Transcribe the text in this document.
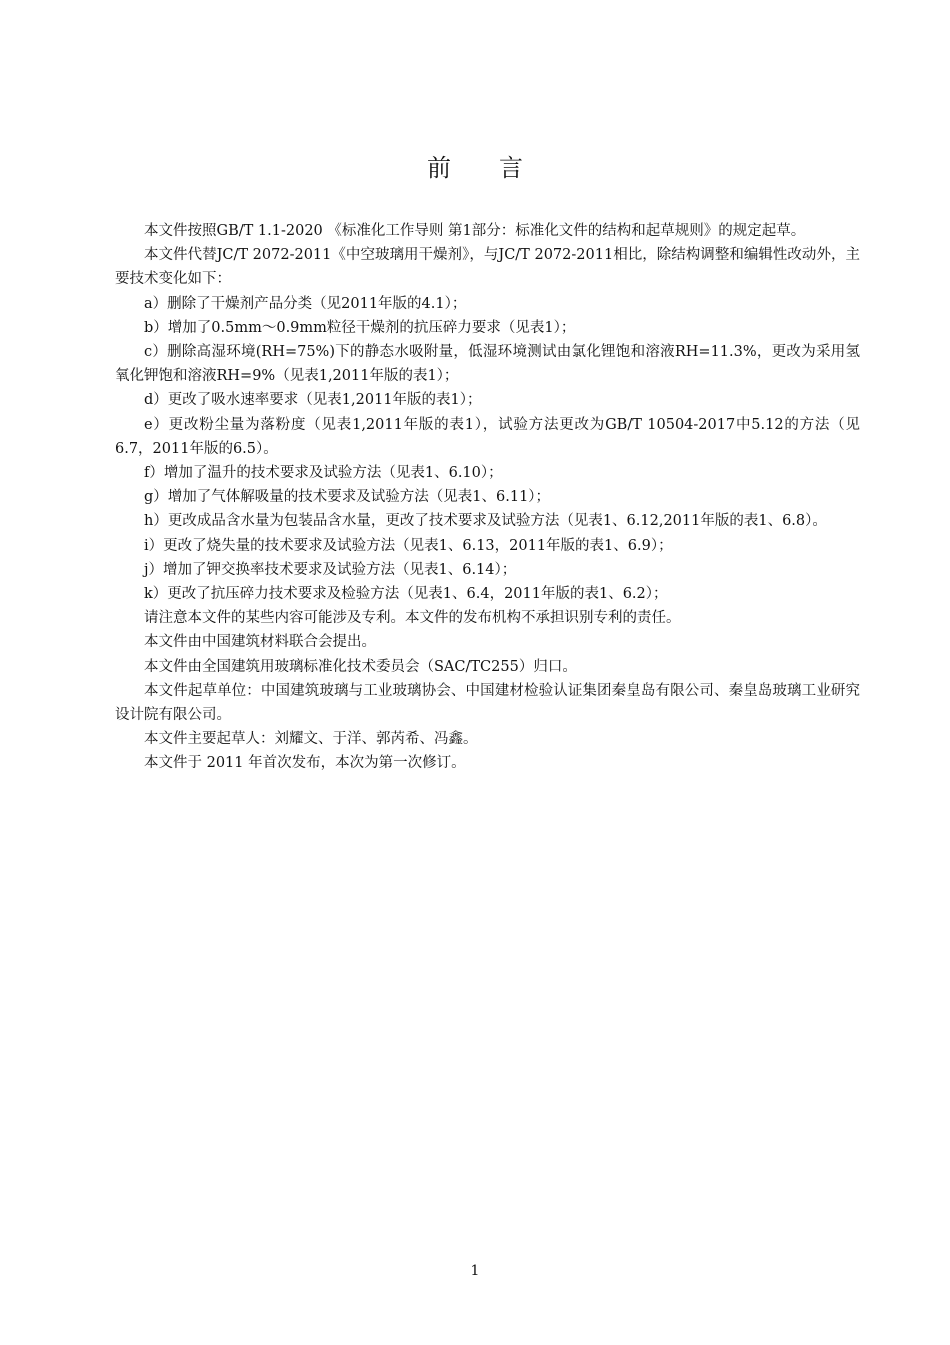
前言

本文件按照GB/T 1.1-2020 《标准化工作导则 第1部分：标准化文件的结构和起草规则》的规定起草。

本文件代替JC/T 2072-2011《中空玻璃用干燥剂》，与JC/T 2072-2011相比，除结构调整和编辑性改动外，主要技术变化如下：

a）删除了干燥剂产品分类（见2011年版的4.1）；

b）增加了0.5mm～0.9mm粒径干燥剂的抗压碎力要求（见表1）；

c）删除高湿环境(RH=75%)下的静态水吸附量，低湿环境测试由氯化锂饱和溶液RH=11.3%，更改为采用氢氧化钾饱和溶液RH=9%（见表1,2011年版的表1）；

d）更改了吸水速率要求（见表1,2011年版的表1）；

e）更改粉尘量为落粉度（见表1,2011年版的表1），试验方法更改为GB/T 10504-2017中5.12的方法（见6.7，2011年版的6.5）。

f）增加了温升的技术要求及试验方法（见表1、6.10）；

g）增加了气体解吸量的技术要求及试验方法（见表1、6.11）；

h）更改成品含水量为包装品含水量，更改了技术要求及试验方法（见表1、6.12,2011年版的表1、6.8）。

i）更改了烧失量的技术要求及试验方法（见表1、6.13，2011年版的表1、6.9）；

j）增加了钾交换率技术要求及试验方法（见表1、6.14）；

k）更改了抗压碎力技术要求及检验方法（见表1、6.4，2011年版的表1、6.2）；

请注意本文件的某些内容可能涉及专利。本文件的发布机构不承担识别专利的责任。

本文件由中国建筑材料联合会提出。

本文件由全国建筑用玻璃标准化技术委员会（SAC/TC255）归口。

本文件起草单位：中国建筑玻璃与工业玻璃协会、中国建材检验认证集团秦皇岛有限公司、秦皇岛玻璃工业研究设计院有限公司。

本文件主要起草人：刘耀文、于洋、郭芮希、冯鑫。

本文件于 2011 年首次发布，本次为第一次修订。

1
